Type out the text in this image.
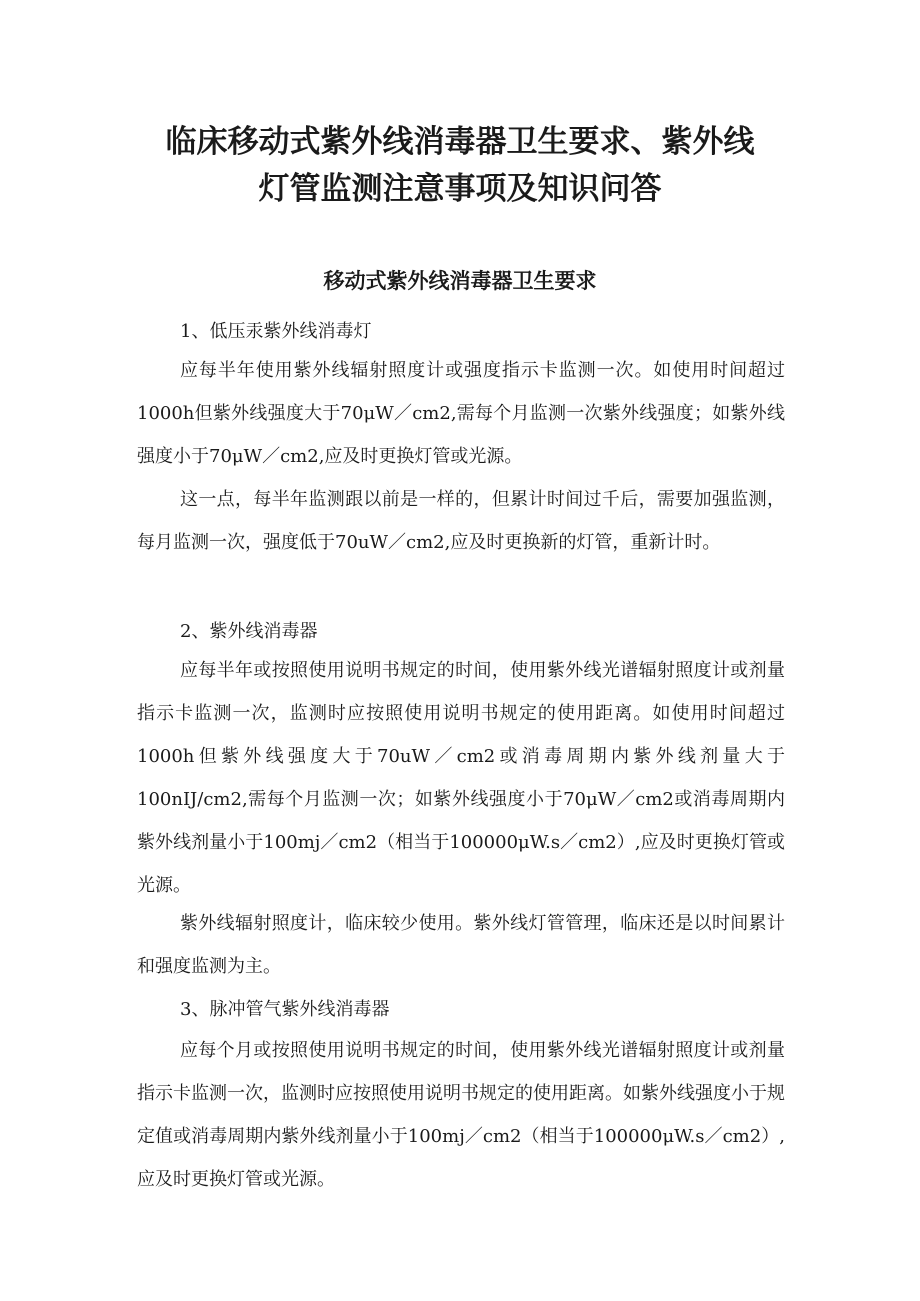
临床移动式紫外线消毒器卫生要求、紫外线
灯管监测注意事项及知识问答
移动式紫外线消毒器卫生要求

1、低压汞紫外线消毒灯

应每半年使用紫外线辐射照度计或强度指示卡监测一次。如使用时间超过1000h但紫外线强度大于70μW／cm2,需每个月监测一次紫外线强度；如紫外线强度小于70μW／cm2,应及时更换灯管或光源。

这一点，每半年监测跟以前是一样的，但累计时间过千后，需要加强监测，每月监测一次，强度低于70uW／cm2,应及时更换新的灯管，重新计时。

2、紫外线消毒器

应每半年或按照使用说明书规定的时间，使用紫外线光谱辐射照度计或剂量指示卡监测一次，监测时应按照使用说明书规定的使用距离。如使用时间超过1000h但紫外线强度大于70uW／cm2或消毒周期内紫外线剂量大于100nIJ/cm2,需每个月监测一次；如紫外线强度小于70μW／cm2或消毒周期内紫外线剂量小于100mj／cm2（相当于100000μW.s／cm2）,应及时更换灯管或光源。

紫外线辐射照度计，临床较少使用。紫外线灯管管理，临床还是以时间累计和强度监测为主。

3、脉冲管气紫外线消毒器

应每个月或按照使用说明书规定的时间，使用紫外线光谱辐射照度计或剂量指示卡监测一次，监测时应按照使用说明书规定的使用距离。如紫外线强度小于规定值或消毒周期内紫外线剂量小于100mj／cm2（相当于100000μW.s／cm2）,应及时更换灯管或光源。
